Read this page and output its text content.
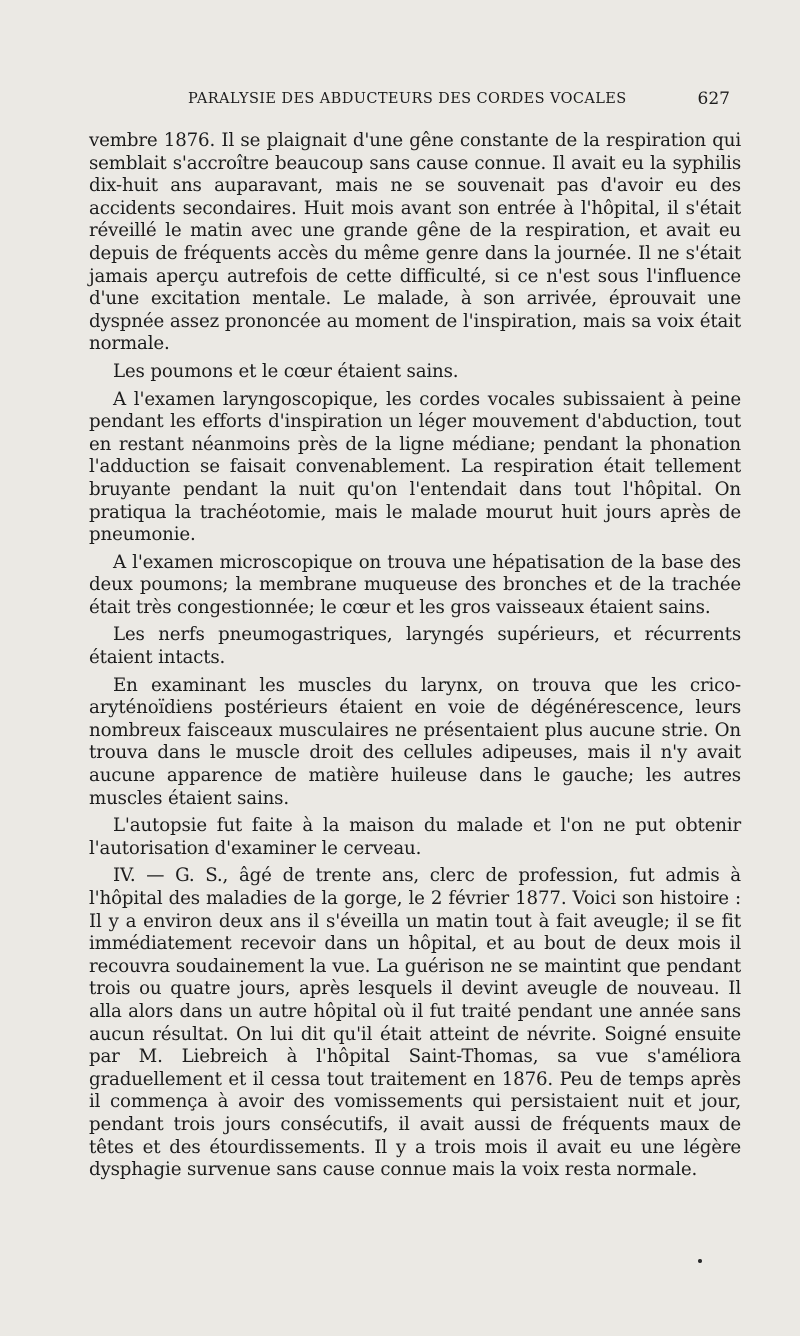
PARALYSIE DES ABDUCTEURS DES CORDES VOCALES	627

vembre 1876. Il se plaignait d'une gêne constante de la respiration qui semblait s'accroître beaucoup sans cause connue. Il avait eu la syphilis dix-huit ans auparavant, mais ne se souvenait pas d'avoir eu des accidents secondaires. Huit mois avant son entrée à l'hôpital, il s'était réveillé le matin avec une grande gêne de la respiration, et avait eu depuis de fréquents accès du même genre dans la journée. Il ne s'était jamais aperçu autrefois de cette difficulté, si ce n'est sous l'influence d'une excitation mentale. Le malade, à son arrivée, éprouvait une dyspnée assez prononcée au moment de l'inspiration, mais sa voix était normale.

Les poumons et le cœur étaient sains.

A l'examen laryngoscopique, les cordes vocales subissaient à peine pendant les efforts d'inspiration un léger mouvement d'abduction, tout en restant néanmoins près de la ligne médiane; pendant la phonation l'adduction se faisait convenablement. La respiration était tellement bruyante pendant la nuit qu'on l'entendait dans tout l'hôpital. On pratiqua la trachéotomie, mais le malade mourut huit jours après de pneumonie.

A l'examen microscopique on trouva une hépatisation de la base des deux poumons; la membrane muqueuse des bronches et de la trachée était très congestionnée; le cœur et les gros vaisseaux étaient sains.

Les nerfs pneumogastriques, laryngés supérieurs, et récurrents étaient intacts.

En examinant les muscles du larynx, on trouva que les crico-aryténoïdiens postérieurs étaient en voie de dégénérescence, leurs nombreux faisceaux musculaires ne présentaient plus aucune strie. On trouva dans le muscle droit des cellules adipeuses, mais il n'y avait aucune apparence de matière huileuse dans le gauche; les autres muscles étaient sains.

L'autopsie fut faite à la maison du malade et l'on ne put obtenir l'autorisation d'examiner le cerveau.

IV. — G. S., âgé de trente ans, clerc de profession, fut admis à l'hôpital des maladies de la gorge, le 2 février 1877. Voici son histoire : Il y a environ deux ans il s'éveilla un matin tout à fait aveugle; il se fit immédiatement recevoir dans un hôpital, et au bout de deux mois il recouvra soudainement la vue. La guérison ne se maintint que pendant trois ou quatre jours, après lesquels il devint aveugle de nouveau. Il alla alors dans un autre hôpital où il fut traité pendant une année sans aucun résultat. On lui dit qu'il était atteint de névrite. Soigné ensuite par M. Liebreich à l'hôpital Saint-Thomas, sa vue s'améliora graduellement et il cessa tout traitement en 1876. Peu de temps après il commença à avoir des vomissements qui persistaient nuit et jour, pendant trois jours consécutifs, il avait aussi de fréquents maux de têtes et des étourdissements. Il y a trois mois il avait eu une légère dysphagie survenue sans cause connue mais la voix resta normale.
